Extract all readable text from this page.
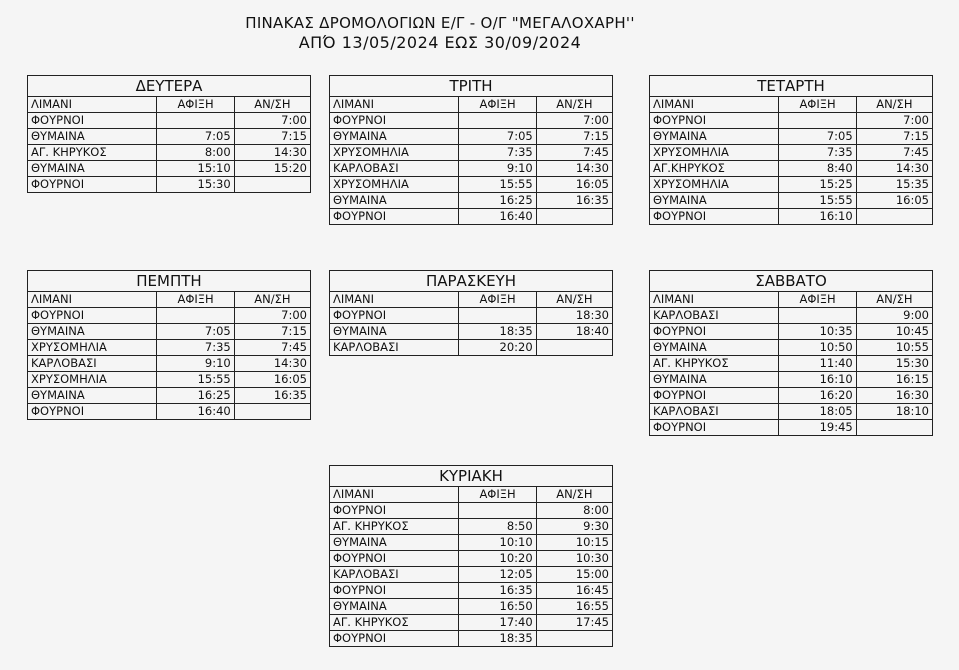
ΠΙΝΑΚΑΣ ΔΡΟΜΟΛΟΓΙΩΝ Ε/Γ - Ο/Γ "ΜΕΓΑΛΟΧΑΡΗ''
ΑΠΌ 13/05/2024 ΕΩΣ 30/09/2024
ΔΕΥΤΕΡΑ		
ΛΙΜΑΝΙ	ΑΦΙΞΗ	ΑΝ/ΣΗ
ΦΟΥΡΝΟΙ		7:00
ΘΥΜΑΙΝΑ	7:05	7:15
ΑΓ. ΚΗΡΥΚΟΣ	8:00	14:30
ΘΥΜΑΙΝΑ	15:10	15:20
ΦΟΥΡΝΟΙ	15:30	
ΤΡΙΤΗ		
ΛΙΜΑΝΙ	ΑΦΙΞΗ	ΑΝ/ΣΗ
ΦΟΥΡΝΟΙ		7:00
ΘΥΜΑΙΝΑ	7:05	7:15
ΧΡΥΣΟΜΗΛΙΑ	7:35	7:45
ΚΑΡΛΟΒΑΣΙ	9:10	14:30
ΧΡΥΣΟΜΗΛΙΑ	15:55	16:05
ΘΥΜΑΙΝΑ	16:25	16:35
ΦΟΥΡΝΟΙ	16:40	
ΤΕΤΑΡΤΗ		
ΛΙΜΑΝΙ	ΑΦΙΞΗ	ΑΝ/ΣΗ
ΦΟΥΡΝΟΙ		7:00
ΘΥΜΑΙΝΑ	7:05	7:15
ΧΡΥΣΟΜΗΛΙΑ	7:35	7:45
ΑΓ.ΚΗΡΥΚΟΣ	8:40	14:30
ΧΡΥΣΟΜΗΛΙΑ	15:25	15:35
ΘΥΜΑΙΝΑ	15:55	16:05
ΦΟΥΡΝΟΙ	16:10	
ΠΕΜΠΤΗ		
ΛΙΜΑΝΙ	ΑΦΙΞΗ	ΑΝ/ΣΗ
ΦΟΥΡΝΟΙ		7:00
ΘΥΜΑΙΝΑ	7:05	7:15
ΧΡΥΣΟΜΗΛΙΑ	7:35	7:45
ΚΑΡΛΟΒΑΣΙ	9:10	14:30
ΧΡΥΣΟΜΗΛΙΑ	15:55	16:05
ΘΥΜΑΙΝΑ	16:25	16:35
ΦΟΥΡΝΟΙ	16:40	
ΠΑΡΑΣΚΕΥΗ		
ΛΙΜΑΝΙ	ΑΦΙΞΗ	ΑΝ/ΣΗ
ΦΟΥΡΝΟΙ		18:30
ΘΥΜΑΙΝΑ	18:35	18:40
ΚΑΡΛΟΒΑΣΙ	20:20	
ΣΑΒΒΑΤΟ		
ΛΙΜΑΝΙ	ΑΦΙΞΗ	ΑΝ/ΣΗ
ΚΑΡΛΟΒΑΣΙ		9:00
ΦΟΥΡΝΟΙ	10:35	10:45
ΘΥΜΑΙΝΑ	10:50	10:55
ΑΓ. ΚΗΡΥΚΟΣ	11:40	15:30
ΘΥΜΑΙΝΑ	16:10	16:15
ΦΟΥΡΝΟΙ	16:20	16:30
ΚΑΡΛΟΒΑΣΙ	18:05	18:10
ΦΟΥΡΝΟΙ	19:45	
ΚΥΡΙΑΚΗ		
ΛΙΜΑΝΙ	ΑΦΙΞΗ	ΑΝ/ΣΗ
ΦΟΥΡΝΟΙ		8:00
ΑΓ. ΚΗΡΥΚΟΣ	8:50	9:30
ΘΥΜΑΙΝΑ	10:10	10:15
ΦΟΥΡΝΟΙ	10:20	10:30
ΚΑΡΛΟΒΑΣΙ	12:05	15:00
ΦΟΥΡΝΟΙ	16:35	16:45
ΘΥΜΑΙΝΑ	16:50	16:55
ΑΓ. ΚΗΡΥΚΟΣ	17:40	17:45
ΦΟΥΡΝΟΙ	18:35	
